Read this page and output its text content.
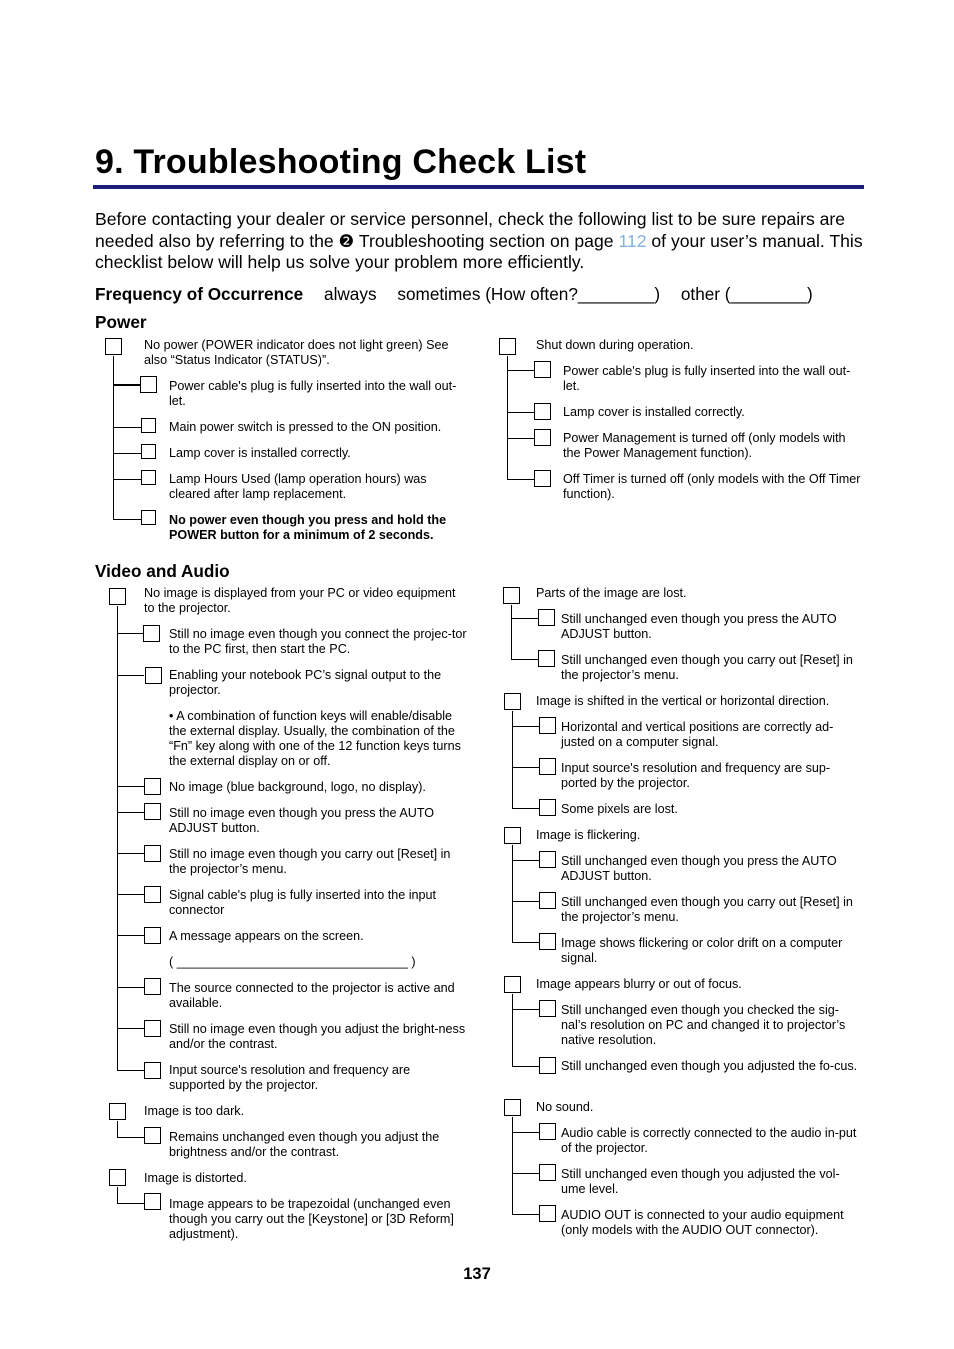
9. Troubleshooting Check List
Before contacting your dealer or service personnel, check the following list to be sure repairs are needed also by referring to the ❷ Troubleshooting section on page 112 of your user’s manual. This checklist below will help us solve your problem more efficiently.
Frequency of Occurrence always sometimes (How often?________) other (________)
Power
No power (POWER indicator does not light green) See also “Status Indicator (STATUS)”.
Power cable's plug is fully inserted into the wall out-let.
Main power switch is pressed to the ON position.
Lamp cover is installed correctly.
Lamp Hours Used (lamp operation hours) was cleared after lamp replacement.
No power even though you press and hold the POWER button for a minimum of 2 seconds.
Shut down during operation.
Power cable's plug is fully inserted into the wall out-let.
Lamp cover is installed correctly.
Power Management is turned off (only models with the Power Management function).
Off Timer is turned off (only models with the Off Timer function).
Video and Audio
No image is displayed from your PC or video equipment to the projector.
Still no image even though you connect the projec-tor to the PC first, then start the PC.
Enabling your notebook PC’s signal output to the projector.
• A combination of function keys will enable/disable the external display. Usually, the combination of the “Fn” key along with one of the 12 function keys turns the external display on or off.
No image (blue background, logo, no display).
Still no image even though you press the AUTO ADJUST button.
Still no image even though you carry out [Reset] in the projector’s menu.
Signal cable's plug is fully inserted into the input connector
A message appears on the screen.
( _________________________________ )
The source connected to the projector is active and available.
Still no image even though you adjust the bright-ness and/or the contrast.
Input source's resolution and frequency are supported by the projector.
Image is too dark.
Remains unchanged even though you adjust the brightness and/or the contrast.
Image is distorted.
Image appears to be trapezoidal (unchanged even though you carry out the [Keystone] or [3D Reform] adjustment).
Parts of the image are lost.
Still unchanged even though you press the AUTO ADJUST button.
Still unchanged even though you carry out [Reset] in the projector’s menu.
Image is shifted in the vertical or horizontal direction.
Horizontal and vertical positions are correctly ad-justed on a computer signal.
Input source's resolution and frequency are sup-ported by the projector.
Some pixels are lost.
Image is flickering.
Still unchanged even though you press the AUTO ADJUST button.
Still unchanged even though you carry out [Reset] in the projector’s menu.
Image shows flickering or color drift on a computer signal.
Image appears blurry or out of focus.
Still unchanged even though you checked the sig-nal’s resolution on PC and changed it to projector’s native resolution.
Still unchanged even though you adjusted the fo-cus.
No sound.
Audio cable is correctly connected to the audio in-put of the projector.
Still unchanged even though you adjusted the vol-ume level.
AUDIO OUT is connected to your audio equipment (only models with the AUDIO OUT connector).
137
